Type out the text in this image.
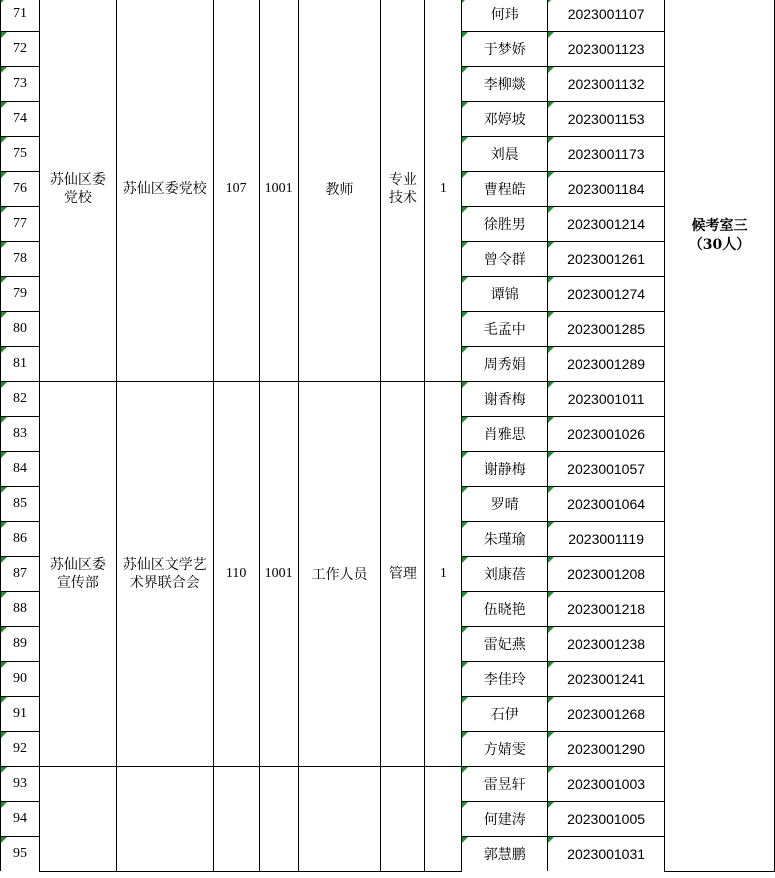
71	苏仙区委党校	苏仙区委党校	107	1001	教师	专业技术	1	何玮	2023001107	候考室三
（30人）

72								于梦娇	2023001123	
73								李柳燚	2023001132	
74								邓婷坡	2023001153	
75								刘晨	2023001173	
76								曹程皓	2023001184	
77								徐胜男	2023001214	
78								曾令群	2023001261	
79								谭锦	2023001274	
80								毛孟中	2023001285	
81								周秀娟	2023001289	
82	苏仙区委宣传部	苏仙区文学艺术界联合会	110	1001	工作人员	管理	1	谢香梅	2023001011	
83								肖雅思	2023001026	
84								谢静梅	2023001057	
85								罗晴	2023001064	
86								朱瑾瑜	2023001119	
87								刘康蓓	2023001208	
88								伍晓艳	2023001218	
89								雷妃燕	2023001238	
90								李佳玲	2023001241	
91								石伊	2023001268	
92								方婧雯	2023001290	
93								雷昱轩	2023001003	
94								何建涛	2023001005	
95								郭慧鹏	2023001031	
